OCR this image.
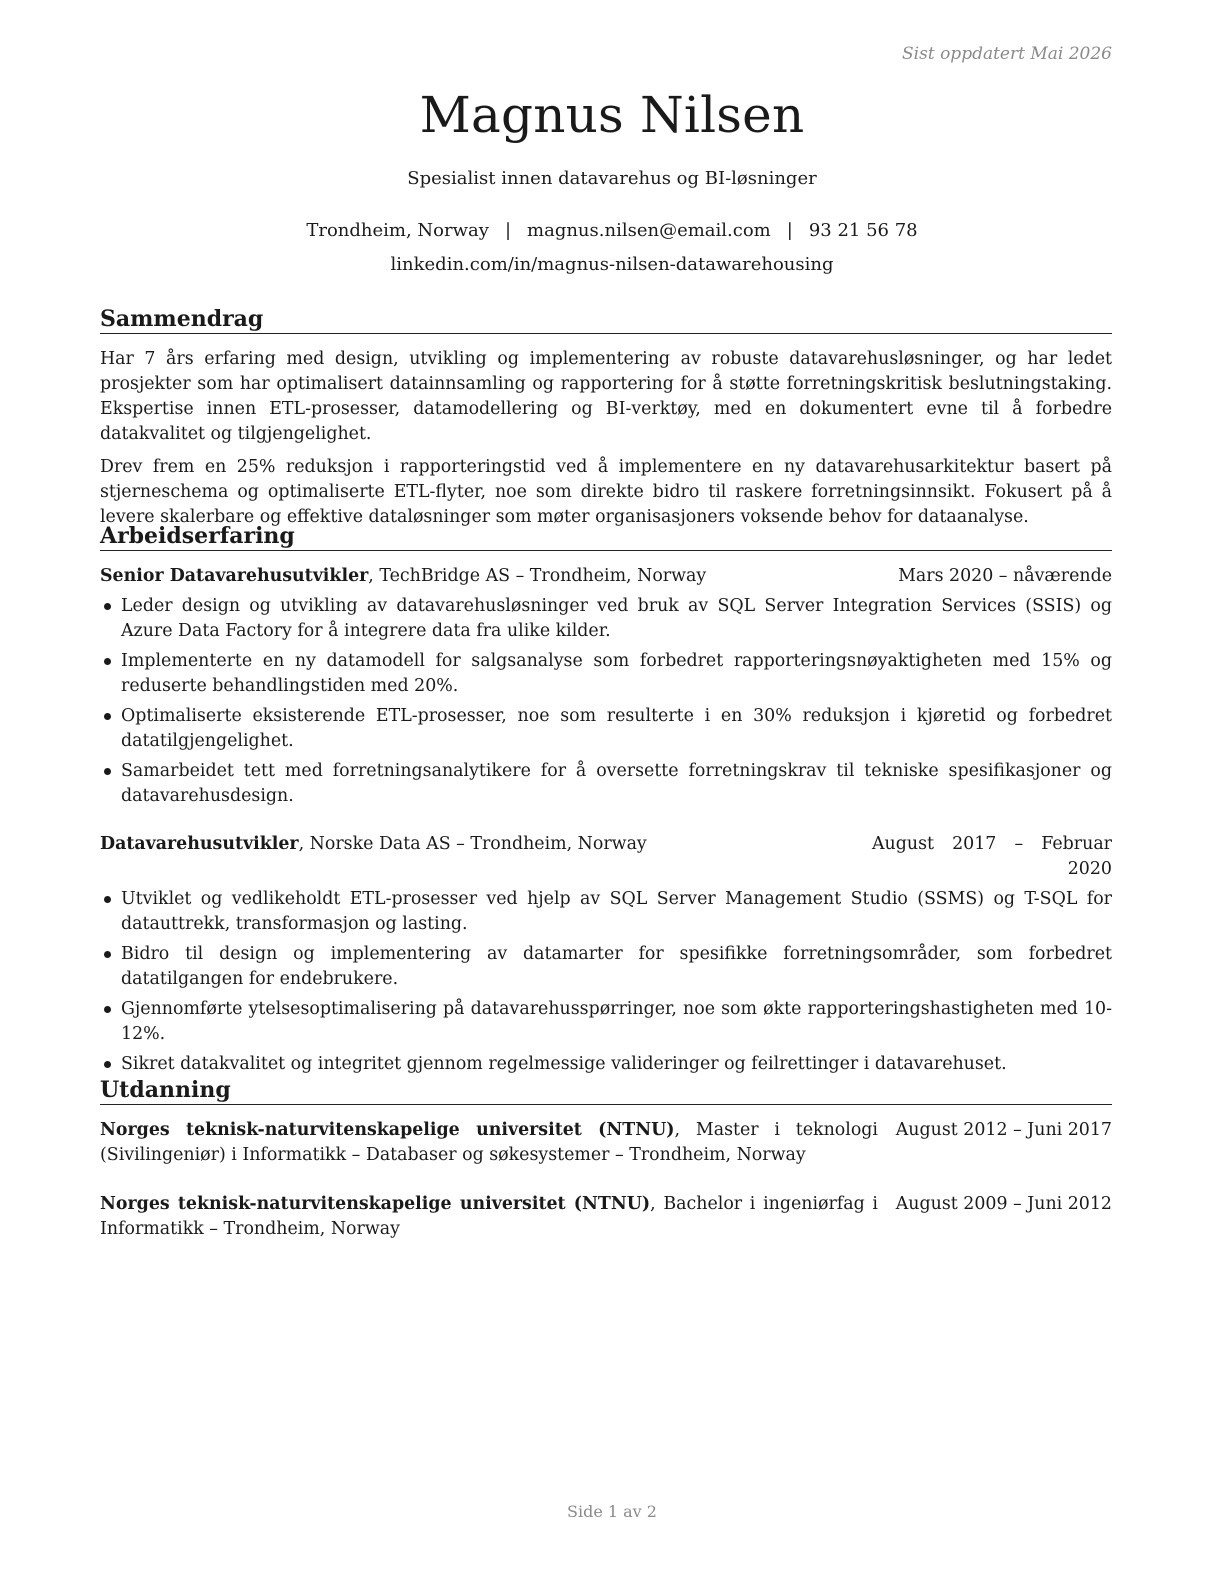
Sist oppdatert Mai 2026
Magnus Nilsen
Spesialist innen datavarehus og BI-løsninger
Trondheim, Norway | magnus.nilsen@email.com | 93 21 56 78
linkedin.com/in/magnus-nilsen-datawarehousing
Sammendrag

Har 7 års erfaring med design, utvikling og implementering av robuste datavarehusløsninger, og har ledet prosjekter som har optimalisert datainnsamling og rapportering for å støtte forretningskritisk beslutningstaking. Ekspertise innen ETL-prosesser, datamodellering og BI-verktøy, med en dokumentert evne til å forbedre datakvalitet og tilgjengelighet.

Drev frem en 25% reduksjon i rapporteringstid ved å implementere en ny datavarehusarkitektur basert på stjerneschema og optimaliserte ETL-flyter, noe som direkte bidro til raskere forretningsinnsikt. Fokusert på å levere skalerbare og effektive dataløsninger som møter organisasjoners voksende behov for dataanalyse.

Arbeidserfaring
Senior Datavarehusutvikler, TechBridge AS – Trondheim, Norway	Mars 2020 – nåværende
Leder design og utvikling av datavarehusløsninger ved bruk av SQL Server Integration Services (SSIS) og Azure Data Factory for å integrere data fra ulike kilder.
Implementerte en ny datamodell for salgsanalyse som forbedret rapporteringsnøyaktigheten med 15% og reduserte behandlingstiden med 20%.
Optimaliserte eksisterende ETL-prosesser, noe som resulterte i en 30% reduksjon i kjøretid og forbedret datatilgjengelighet.
Samarbeidet tett med forretningsanalytikere for å oversette forretningskrav til tekniske spesifikasjoner og datavarehusdesign.
Datavarehusutvikler, Norske Data AS – Trondheim, Norway	August 2017 – Februar 2020
Utviklet og vedlikeholdt ETL-prosesser ved hjelp av SQL Server Management Studio (SSMS) og T-SQL for datauttrekk, transformasjon og lasting.
Bidro til design og implementering av datamarter for spesifikke forretningsområder, som forbedret datatilgangen for endebrukere.
Gjennomførte ytelsesoptimalisering på datavarehusspørringer, noe som økte rapporteringshastigheten med 10-12%.
Sikret datakvalitet og integritet gjennom regelmessige valideringer og feilrettinger i datavarehuset.
Utdanning
Norges teknisk-naturvitenskapelige universitet (NTNU), Master i teknologi (Sivilingeniør) i Informatikk – Databaser og søkesystemer – Trondheim, Norway
August 2012 – Juni 2017
Norges teknisk-naturvitenskapelige universitet (NTNU), Bachelor i ingeniørfag i Informatikk – Trondheim, Norway
August 2009 – Juni 2012
Side 1 av 2
